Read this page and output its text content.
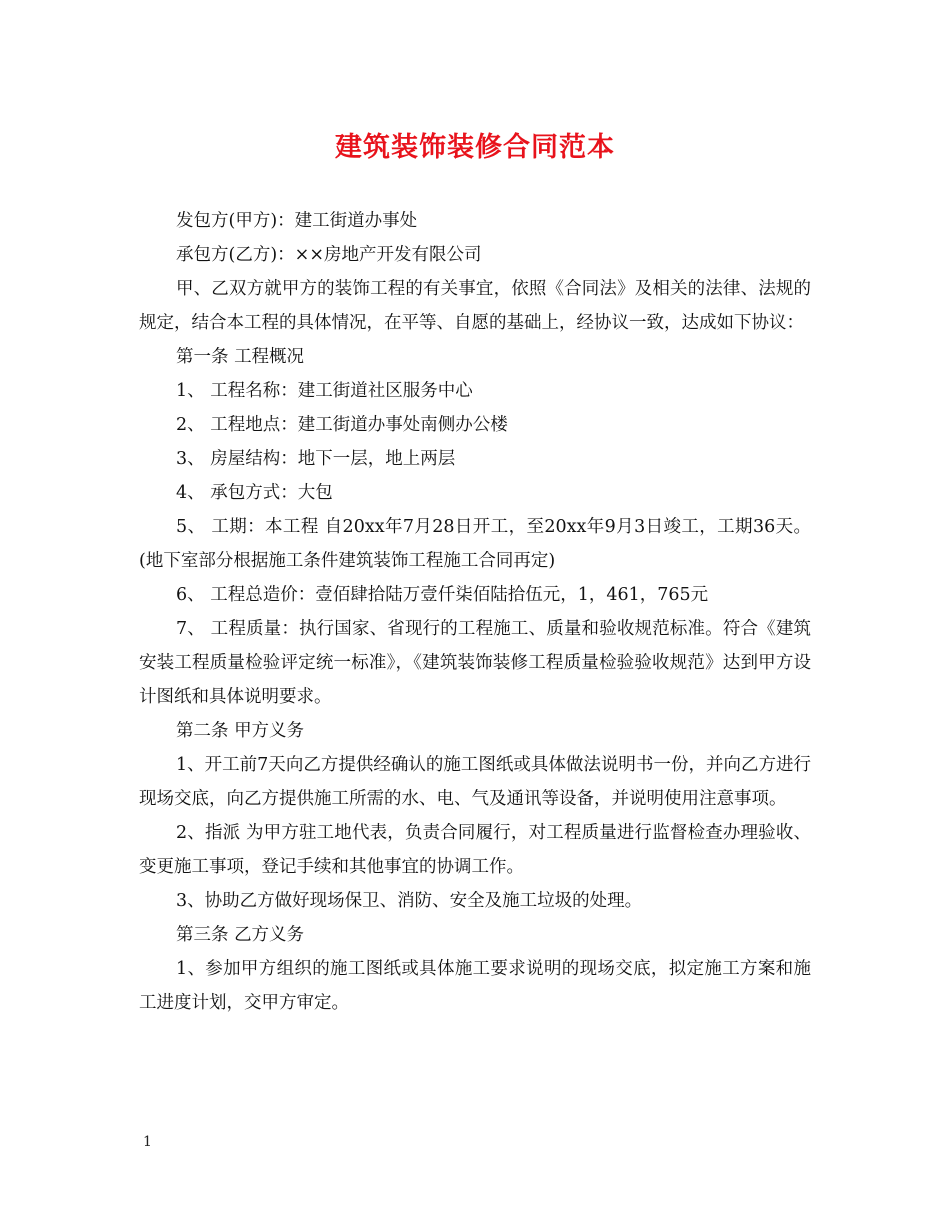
建筑装饰装修合同范本

发包方(甲方)：建工街道办事处

承包方(乙方)：××房地产开发有限公司

甲、乙双方就甲方的装饰工程的有关事宜，依照《合同法》及相关的法律、法规的规定，结合本工程的具体情况，在平等、自愿的基础上，经协议一致，达成如下协议：

第一条 工程概况

1、 工程名称：建工街道社区服务中心

2、 工程地点：建工街道办事处南侧办公楼

3、 房屋结构：地下一层，地上两层

4、 承包方式：大包

5、 工期：本工程 自20xx年7月28日开工，至20xx年9月3日竣工，工期36天。(地下室部分根据施工条件建筑装饰工程施工合同再定)

6、 工程总造价：壹佰肆拾陆万壹仟柒佰陆拾伍元，1，461，765元

7、 工程质量：执行国家、省现行的工程施工、质量和验收规范标准。符合《建筑安装工程质量检验评定统一标准》，《建筑装饰装修工程质量检验验收规范》达到甲方设计图纸和具体说明要求。

第二条 甲方义务

1、开工前7天向乙方提供经确认的施工图纸或具体做法说明书一份，并向乙方进行现场交底，向乙方提供施工所需的水、电、气及通讯等设备，并说明使用注意事项。

2、指派 为甲方驻工地代表，负责合同履行，对工程质量进行监督检查办理验收、变更施工事项，登记手续和其他事宜的协调工作。

3、协助乙方做好现场保卫、消防、安全及施工垃圾的处理。

第三条 乙方义务

1、参加甲方组织的施工图纸或具体施工要求说明的现场交底，拟定施工方案和施工进度计划，交甲方审定。

1
